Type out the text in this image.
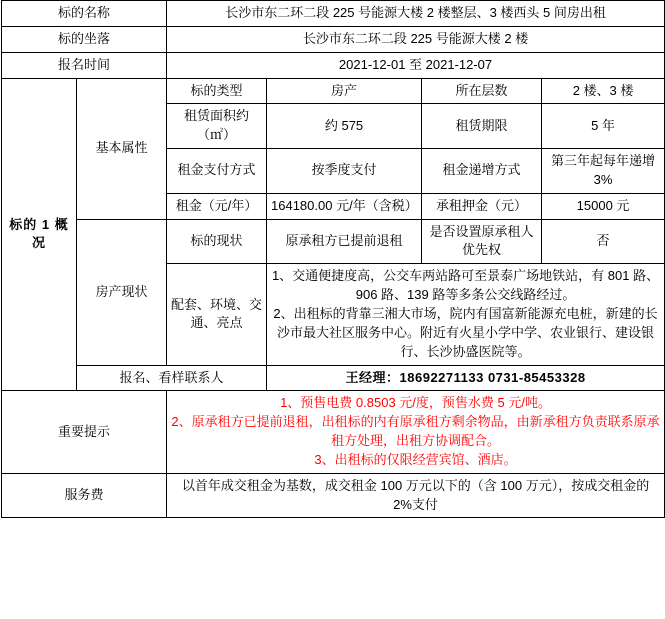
标的名称		长沙市东二环二段 225 号能源大楼 2 楼整层、3 楼西头 5 间房出租			
标的坐落		长沙市东二环二段 225 号能源大楼 2 楼			
报名时间		2021-12-01 至 2021-12-07			
标的 1 概况	基本属性	标的类型	房产	所在层数	2 楼、3 楼
		租赁面积约（㎡）	约 575	租赁期限	5 年
		租金支付方式	按季度支付	租金递增方式	第三年起每年递增 3%
		租金（元/年）	164180.00 元/年（含税）	承租押金（元）	15000 元
	房产现状	标的现状	原承租方已提前退租	是否设置原承租人优先权	否
		配套、环境、交通、亮点	1、交通便捷度高，公交车两站路可至景泰广场地铁站，有 801 路、906 路、139 路等多条公交线路经过。
2、出租标的背靠三湘大市场，院内有国富新能源充电桩，新建的长沙市最大社区服务中心。附近有火星小学中学、农业银行、建设银行、长沙协盛医院等。		

	报名、看样联系人		王经理：18692271133 0731-85453328		
重要提示		1、预售电费 0.8503 元/度，预售水费 5 元/吨。
2、原承租方已提前退租，出租标的内有原承租方剩余物品，由新承租方负责联系原承租方处理，出租方协调配合。
3、出租标的仅限经营宾馆、酒店。			

服务费		以首年成交租金为基数，成交租金 100 万元以下的（含 100 万元），按成交租金的 2%支付			
